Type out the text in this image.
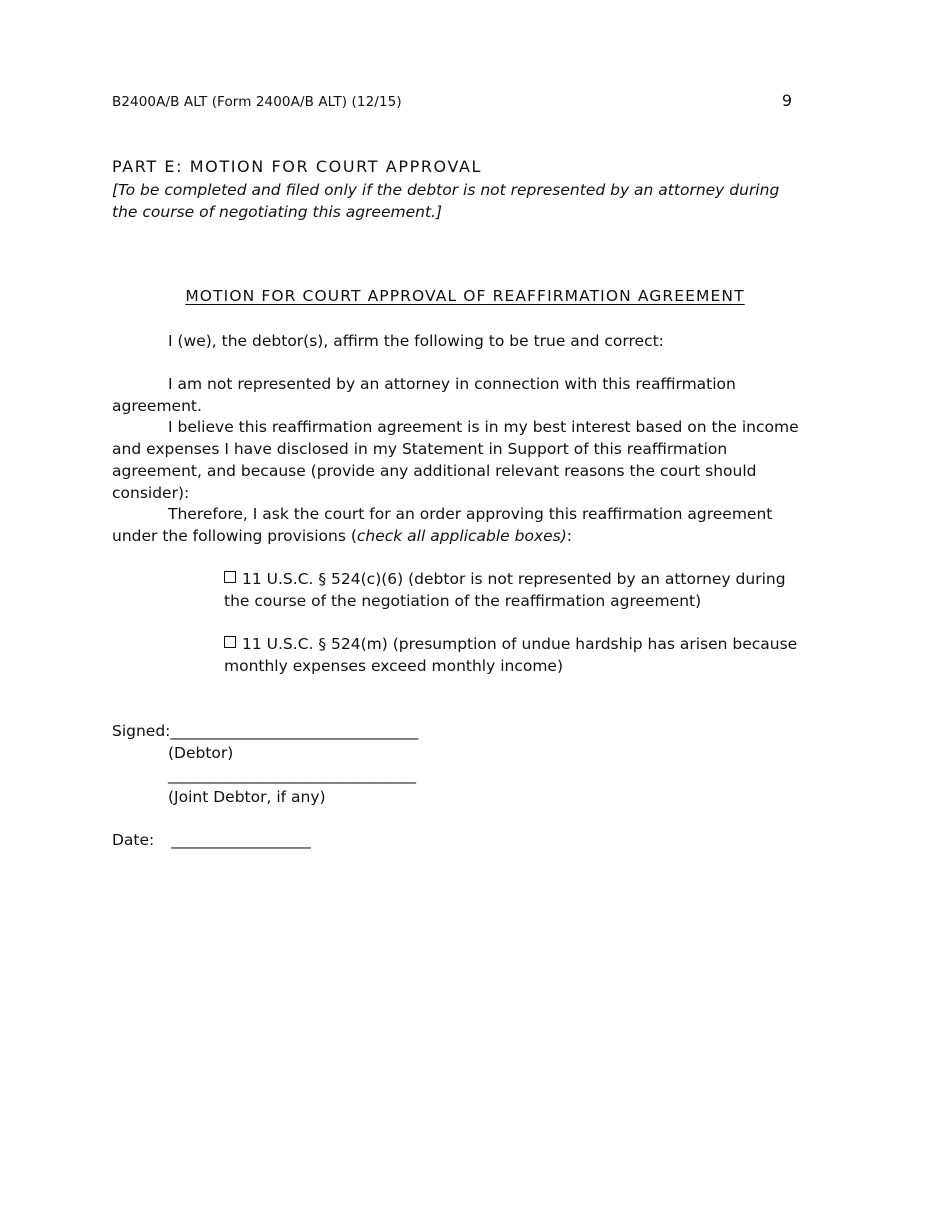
B2400A/B ALT (Form 2400A/B ALT) (12/15)	9
PART E: MOTION FOR COURT APPROVAL
[To be completed and filed only if the debtor is not represented by an attorney during the course of negotiating this agreement.]
MOTION FOR COURT APPROVAL OF REAFFIRMATION AGREEMENT
I (we), the debtor(s), affirm the following to be true and correct:
I am not represented by an attorney in connection with this reaffirmation agreement.
I believe this reaffirmation agreement is in my best interest based on the income and expenses I have disclosed in my Statement in Support of this reaffirmation agreement, and because (provide any additional relevant reasons the court should consider):
Therefore, I ask the court for an order approving this reaffirmation agreement under the following provisions (check all applicable boxes):
11 U.S.C. § 524(c)(6) (debtor is not represented by an attorney during the course of the negotiation of the reaffirmation agreement)
11 U.S.C. § 524(m) (presumption of undue hardship has arisen because monthly expenses exceed monthly income)
Signed:________________________________
(Debtor)
________________________________
(Joint Debtor, if any)
Date: __________________
